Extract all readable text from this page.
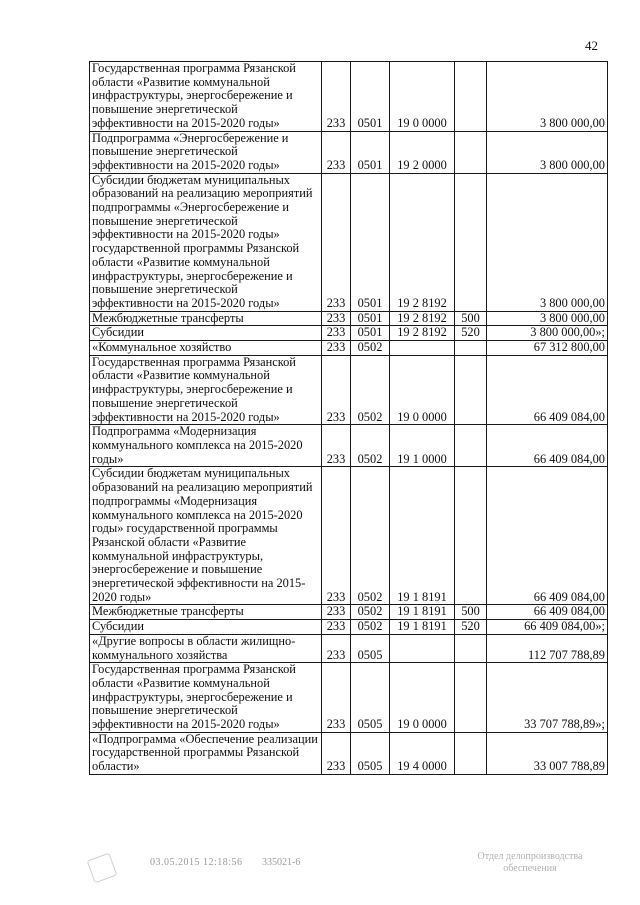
42
Государственная программа Рязанской области «Развитие коммунальной инфраструктуры, энергосбережение и повышение энергетической эффективности на 2015-2020 годы»	233	0501	19 0 0000		3 800 000,00
Подпрограмма «Энергосбережение и повышение энергетической эффективности на 2015-2020 годы»	233	0501	19 2 0000		3 800 000,00
Субсидии бюджетам муниципальных образований на реализацию мероприятий подпрограммы «Энергосбережение и повышение энергетической эффективности на 2015-2020 годы» государственной программы Рязанской области «Развитие коммунальной инфраструктуры, энергосбережение и повышение энергетической эффективности на 2015-2020 годы»	233	0501	19 2 8192		3 800 000,00
Межбюджетные трансферты	233	0501	19 2 8192	500	3 800 000,00
Субсидии	233	0501	19 2 8192	520	3 800 000,00»;
«Коммунальное хозяйство	233	0502			67 312 800,00
Государственная программа Рязанской области «Развитие коммунальной инфраструктуры, энергосбережение и повышение энергетической эффективности на 2015-2020 годы»	233	0502	19 0 0000		66 409 084,00
Подпрограмма «Модернизация коммунального комплекса на 2015-2020 годы»	233	0502	19 1 0000		66 409 084,00
Субсидии бюджетам муниципальных образований на реализацию мероприятий подпрограммы «Модернизация коммунального комплекса на 2015-2020 годы» государственной программы Рязанской области «Развитие коммунальной инфраструктуры, энергосбережение и повышение энергетической эффективности на 2015-2020 годы»	233	0502	19 1 8191		66 409 084,00
Межбюджетные трансферты	233	0502	19 1 8191	500	66 409 084,00
Субсидии	233	0502	19 1 8191	520	66 409 084,00»;
«Другие вопросы в области жилищно-коммунального хозяйства	233	0505			112 707 788,89
Государственная программа Рязанской области «Развитие коммунальной инфраструктуры, энергосбережение и повышение энергетической эффективности на 2015-2020 годы»	233	0505	19 0 0000		33 707 788,89»;
«Подпрограмма «Обеспечение реализации государственной программы Рязанской области»	233	0505	19 4 0000		33 007 788,89
03.05.2015 12:18:56 335021-6
Отдел делопроизводства обеспечения
